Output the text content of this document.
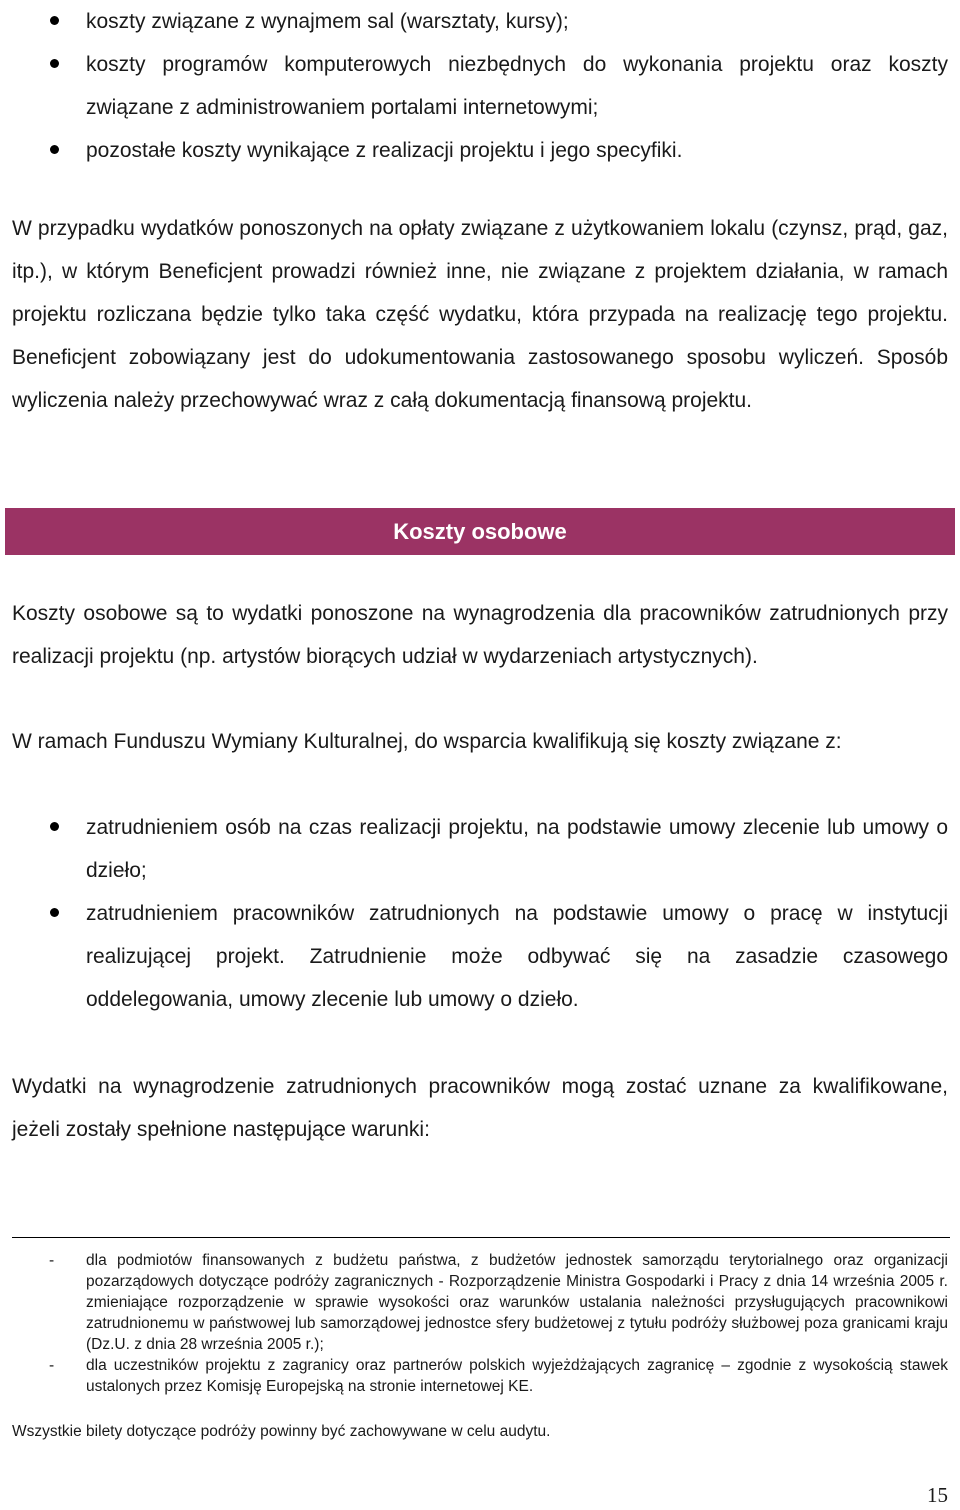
koszty związane z wynajmem sal (warsztaty, kursy);
koszty programów komputerowych niezbędnych do wykonania projektu oraz koszty związane z administrowaniem portalami internetowymi;
pozostałe koszty wynikające z realizacji projektu i jego specyfiki.

W przypadku wydatków ponoszonych na opłaty związane z użytkowaniem lokalu (czynsz, prąd, gaz, itp.), w którym Beneficjent prowadzi również inne, nie związane z projektem działania, w ramach projektu rozliczana będzie tylko taka część wydatku, która przypada na realizację tego projektu. Beneficjent zobowiązany jest do udokumentowania zastosowanego sposobu wyliczeń. Sposób wyliczenia należy przechowywać wraz z całą dokumentacją finansową projektu.

Koszty osobowe

Koszty osobowe są to wydatki ponoszone na wynagrodzenia dla pracowników zatrudnionych przy realizacji projektu (np. artystów biorących udział w wydarzeniach artystycznych).

W ramach Funduszu Wymiany Kulturalnej, do wsparcia kwalifikują się koszty związane z:

zatrudnieniem osób na czas realizacji projektu, na podstawie umowy zlecenie lub umowy o dzieło;
zatrudnieniem pracowników zatrudnionych na podstawie umowy o pracę w instytucji realizującej projekt. Zatrudnienie może odbywać się na zasadzie czasowego oddelegowania, umowy zlecenie lub umowy o dzieło.

Wydatki na wynagrodzenie zatrudnionych pracowników mogą zostać uznane za kwalifikowane, jeżeli zostały spełnione następujące warunki:

- dla podmiotów finansowanych z budżetu państwa, z budżetów jednostek samorządu terytorialnego oraz organizacji pozarządowych dotyczące podróży zagranicznych - Rozporządzenie Ministra Gospodarki i Pracy z dnia 14 września 2005 r. zmieniające rozporządzenie w sprawie wysokości oraz warunków ustalania należności przysługujących pracownikowi zatrudnionemu w państwowej lub samorządowej jednostce sfery budżetowej z tytułu podróży służbowej poza granicami kraju (Dz.U. z dnia 28 września 2005 r.);
- dla uczestników projektu z zagranicy oraz partnerów polskich wyjeżdżających zagranicę – zgodnie z wysokością stawek ustalonych przez Komisję Europejską na stronie internetowej KE.
Wszystkie bilety dotyczące podróży powinny być zachowywane w celu audytu.
15
